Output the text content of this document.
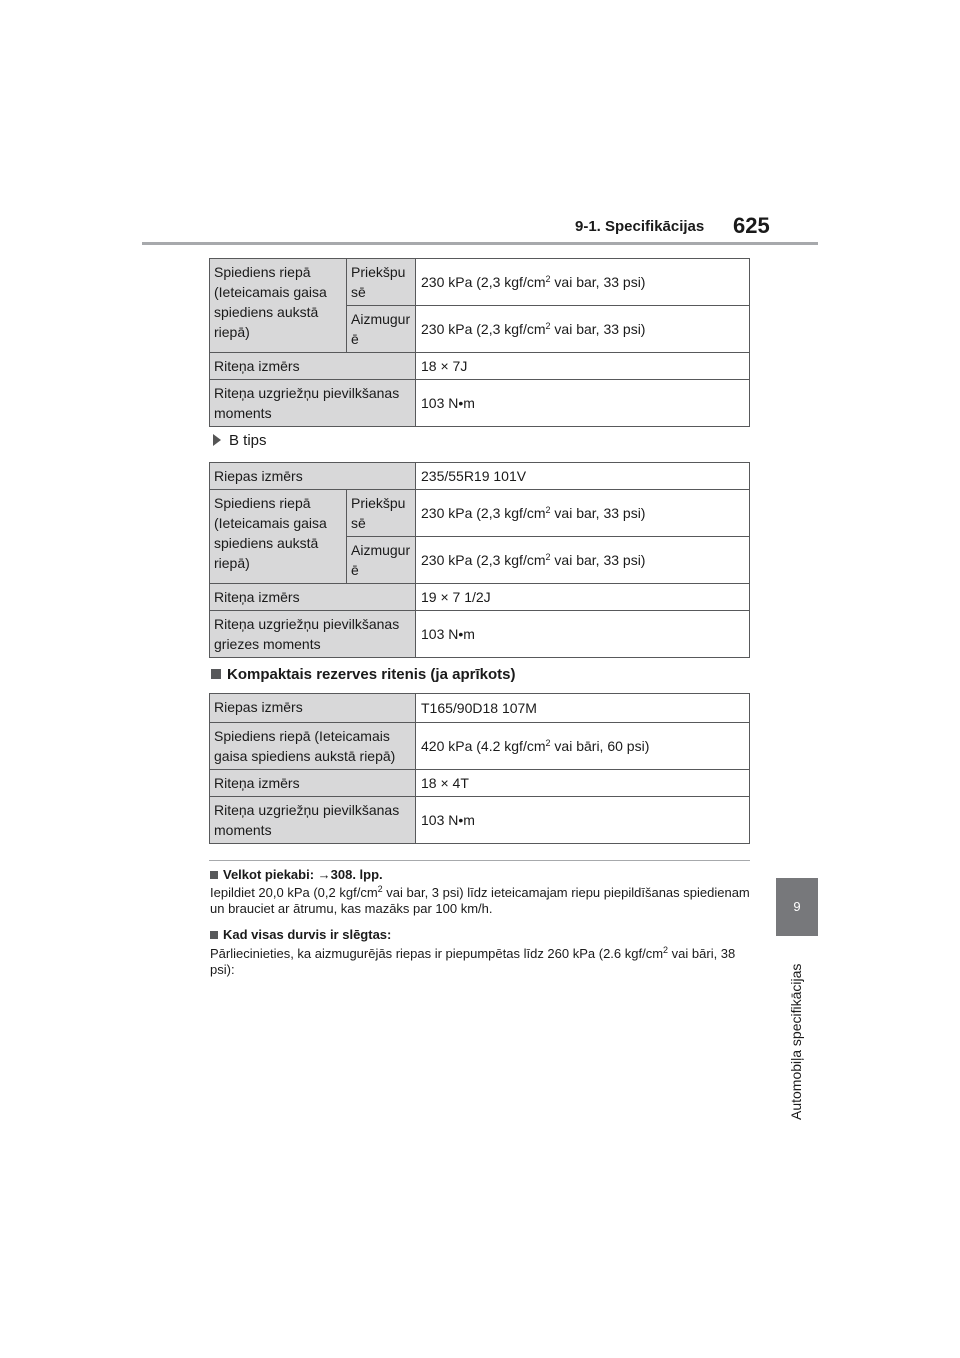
9-1. Specifikācijas 625
9
Automobiļa specifikācijas
Spiediens riepā (Ieteicamais gaisa spiediens aukstā riepā)	Priekšpu sē	230 kPa (2,3 kgf/$cm^2$ vai bar, 33 psi)
	Aizmugur ē	230 kPa (2,3 kgf/$cm^2$ vai bar, 33 psi)
Riteņa izmērs		18 × 7J
Riteņa uzgriežņu pievilkšanas moments		103 N•m
B tips
Riepas izmērs		235/55R19 101V
Spiediens riepā (Ieteicamais gaisa spiediens aukstā riepā)	Priekšpu sē	230 kPa (2,3 kgf/$cm^2$ vai bar, 33 psi)
	Aizmugur ē	230 kPa (2,3 kgf/$cm^2$ vai bar, 33 psi)
Riteņa izmērs		19 × 7 1/2J
Riteņa uzgriežņu pievilkšanas griezes moments		103 N•m
Kompaktais rezerves ritenis (ja aprīkots)
Riepas izmērs	T165/90D18 107M
Spiediens riepā (Ieteicamais gaisa spiediens aukstā riepā)	420 kPa (4.2 kgf/$cm^2$ vai bāri, 60 psi)
Riteņa izmērs	18 × 4T
Riteņa uzgriežņu pievilkšanas moments	103 N•m
Velkot piekabi: →308. lpp.
Iepildiet 20,0 kPa (0,2 kgf/$cm^2$ vai bar, 3 psi) līdz ieteicamajam riepu piepildīšanas spiedienam un brauciet ar ātrumu, kas mazāks par 100 km/h.
Kad visas durvis ir slēgtas:
Pārliecinieties, ka aizmugurējās riepas ir piepumpētas līdz 260 kPa (2.6 kgf/$cm^2$ vai bāri, 38 psi):
